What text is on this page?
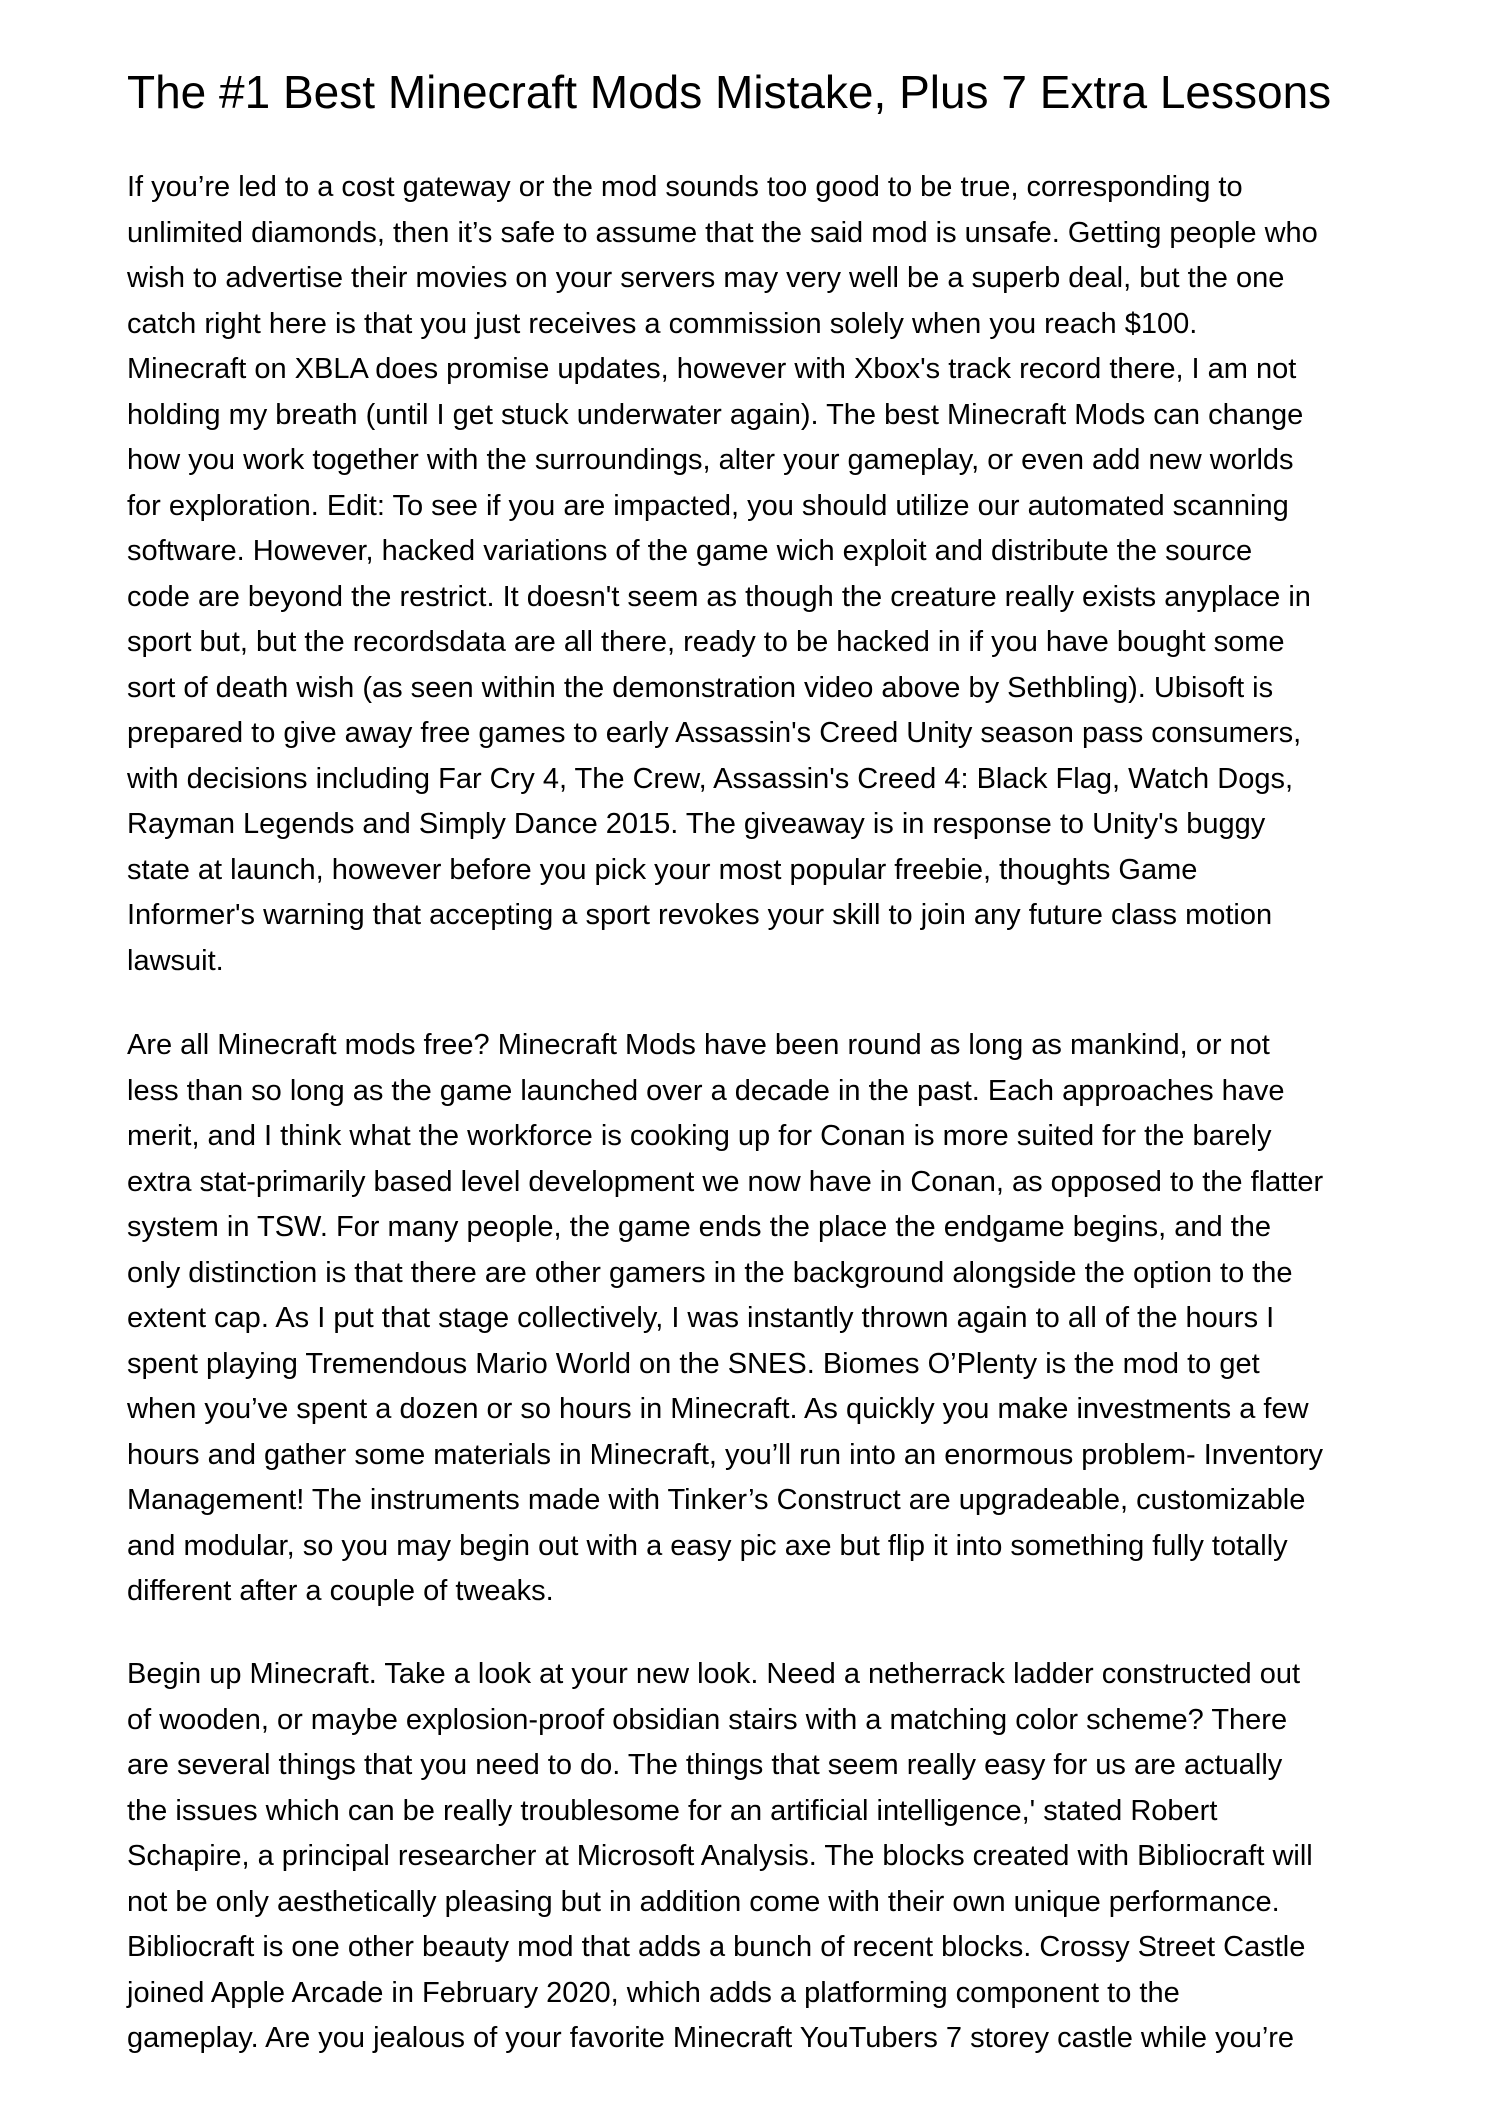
The #1 Best Minecraft Mods Mistake, Plus 7 Extra Lessons

If you’re led to a cost gateway or the mod sounds too good to be true, corresponding to
unlimited diamonds, then it’s safe to assume that the said mod is unsafe. Getting people who
wish to advertise their movies on your servers may very well be a superb deal, but the one
catch right here is that you just receives a commission solely when you reach $100.
Minecraft on XBLA does promise updates, however with Xbox's track record there, I am not
holding my breath (until I get stuck underwater again). The best Minecraft Mods can change
how you work together with the surroundings, alter your gameplay, or even add new worlds
for exploration. Edit: To see if you are impacted, you should utilize our automated scanning
software. However, hacked variations of the game wich exploit and distribute the source
code are beyond the restrict. It doesn't seem as though the creature really exists anyplace in
sport but, but the recordsdata are all there, ready to be hacked in if you have bought some
sort of death wish (as seen within the demonstration video above by Sethbling). Ubisoft is
prepared to give away free games to early Assassin's Creed Unity season pass consumers,
with decisions including Far Cry 4, The Crew, Assassin's Creed 4: Black Flag, Watch Dogs,
Rayman Legends and Simply Dance 2015. The giveaway is in response to Unity's buggy
state at launch, however before you pick your most popular freebie, thoughts Game
Informer's warning that accepting a sport revokes your skill to join any future class motion
lawsuit.

Are all Minecraft mods free? Minecraft Mods have been round as long as mankind, or not
less than so long as the game launched over a decade in the past. Each approaches have
merit, and I think what the workforce is cooking up for Conan is more suited for the barely
extra stat-primarily based level development we now have in Conan, as opposed to the flatter
system in TSW. For many people, the game ends the place the endgame begins, and the
only distinction is that there are other gamers in the background alongside the option to the
extent cap. As I put that stage collectively, I was instantly thrown again to all of the hours I
spent playing Tremendous Mario World on the SNES. Biomes O’Plenty is the mod to get
when you’ve spent a dozen or so hours in Minecraft. As quickly you make investments a few
hours and gather some materials in Minecraft, you’ll run into an enormous problem- Inventory
Management! The instruments made with Tinker’s Construct are upgradeable, customizable
and modular, so you may begin out with a easy pic axe but flip it into something fully totally
different after a couple of tweaks.

Begin up Minecraft. Take a look at your new look. Need a netherrack ladder constructed out
of wooden, or maybe explosion-proof obsidian stairs with a matching color scheme? There
are several things that you need to do. The things that seem really easy for us are actually
the issues which can be really troublesome for an artificial intelligence,' stated Robert
Schapire, a principal researcher at Microsoft Analysis. The blocks created with Bibliocraft will
not be only aesthetically pleasing but in addition come with their own unique performance.
Bibliocraft is one other beauty mod that adds a bunch of recent blocks. Crossy Street Castle
joined Apple Arcade in February 2020, which adds a platforming component to the
gameplay. Are you jealous of your favorite Minecraft YouTubers 7 storey castle while you’re
